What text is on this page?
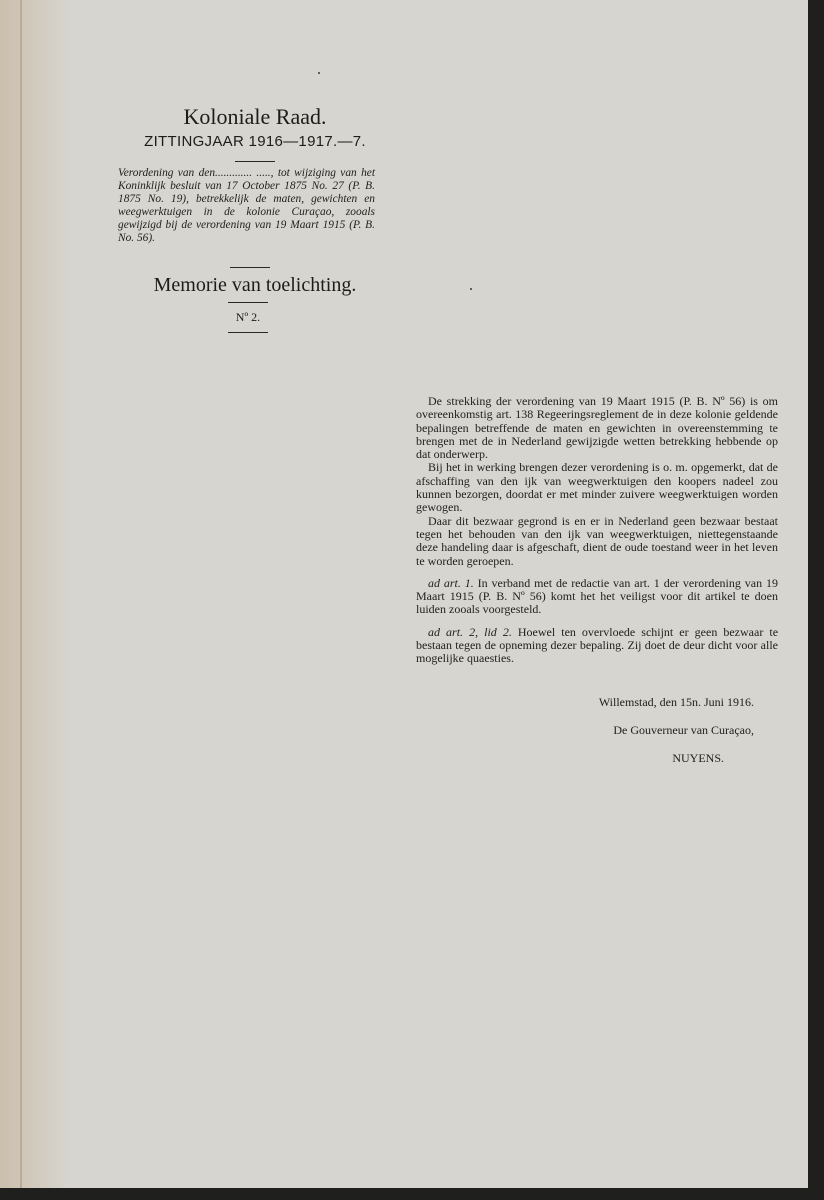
Koloniale Raad.
ZITTINGJAAR 1916—1917.—7.
Verordening van den............. ....., tot wijziging van het Koninklijk besluit van 17 October 1875 No. 27 (P. B. 1875 No. 19), betrekkelijk de maten, gewichten en weegwerktuigen in de kolonie Curaçao, zooals gewijzigd bij de verordening van 19 Maart 1915 (P. B. No. 56).
Memorie van toelichting.
Nº 2.

De strekking der verordening van 19 Maart 1915 (P. B. Nº 56) is om overeenkomstig art. 138 Regeeringsreglement de in deze kolonie geldende bepalingen betreffende de maten en gewichten in overeenstemming te brengen met de in Nederland gewijzigde wetten betrekking hebbende op dat onderwerp.

Bij het in werking brengen dezer verordening is o. m. opgemerkt, dat de afschaffing van den ijk van weegwerktuigen den koopers nadeel zou kunnen bezorgen, doordat er met minder zuivere weegwerktuigen worden gewogen.

Daar dit bezwaar gegrond is en er in Nederland geen bezwaar bestaat tegen het behouden van den ijk van weegwerktuigen, niettegenstaande deze handeling daar is afgeschaft, dient de oude toestand weer in het leven te worden geroepen.

ad art. 1. In verband met de redactie van art. 1 der verordening van 19 Maart 1915 (P. B. Nº 56) komt het het veiligst voor dit artikel te doen luiden zooals voorgesteld.

ad art. 2, lid 2. Hoewel ten overvloede schijnt er geen bezwaar te bestaan tegen de opneming dezer bepaling. Zij doet de deur dicht voor alle mogelijke quaesties.

Willemstad, den 15n. Juni 1916.
De Gouverneur van Curaçao,
NUYENS.
